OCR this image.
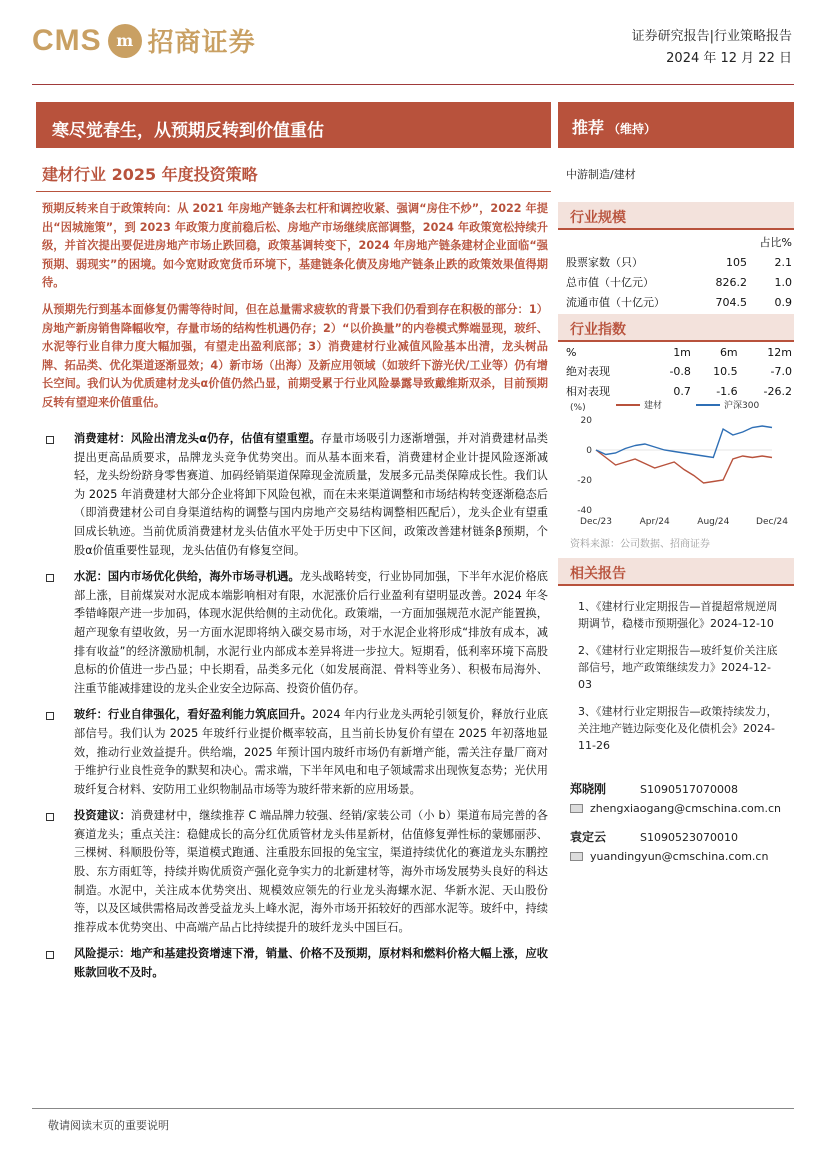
CMS m 招商证券	证券研究报告|行业策略报告
2024 年 12 月 22 日
寒尽觉春生，从预期反转到价值重估	推荐 （维持）
建材行业 2025 年度投资策略

预期反转来自于政策转向：从 2021 年房地产链条去杠杆和调控收紧、强调“房住不炒”，2022 年提出“因城施策”，到 2023 年政策力度前稳后松、房地产市场继续底部调整，2024 年政策宽松持续升级，并首次提出要促进房地产市场止跌回稳，政策基调转变下，2024 年房地产链条建材企业面临“强预期、弱现实”的困境。如今宽财政宽货币环境下，基建链条化债及房地产链条止跌的政策效果值得期待。

从预期先行到基本面修复仍需等待时间，但在总量需求疲软的背景下我们仍看到存在积极的部分：1）房地产新房销售降幅收窄，存量市场的结构性机遇仍存；2）“以价换量”的内卷模式弊端显现，玻纤、水泥等行业自律力度大幅加强，有望走出盈利底部；3）消费建材行业减值风险基本出清，龙头树品牌、拓品类、优化渠道逐渐显效；4）新市场（出海）及新应用领域（如玻纤下游光伏/工业等）仍有增长空间。我们认为优质建材龙头α价值仍然凸显，前期受累于行业风险暴露导致戴维斯双杀，目前预期反转有望迎来价值重估。

消费建材：风险出清龙头α仍存，估值有望重塑。存量市场吸引力逐渐增强，并对消费建材品类提出更高品质要求，品牌龙头竞争优势突出。而从基本面来看，消费建材企业计提风险逐渐减轻，龙头纷纷跻身零售赛道、加码经销渠道保障现金流质量，发展多元品类保障成长性。我们认为 2025 年消费建材大部分企业将卸下风险包袱，而在未来渠道调整和市场结构转变逐渐稳态后（即消费建材公司自身渠道结构的调整与国内房地产交易结构调整相匹配后），龙头企业有望重回成长轨迹。当前优质消费建材龙头估值水平处于历史中下区间，政策改善建材链条β预期，个股α价值重要性显现，龙头估值仍有修复空间。
水泥：国内市场优化供给，海外市场寻机遇。龙头战略转变，行业协同加强，下半年水泥价格底部上涨，目前煤炭对水泥成本端影响相对有限，水泥涨价后行业盈利有望明显改善。2024 年冬季错峰限产进一步加码，体现水泥供给侧的主动优化。政策端，一方面加强规范水泥产能置换，超产现象有望收敛，另一方面水泥即将纳入碳交易市场，对于水泥企业将形成“排放有成本，减排有收益”的经济激励机制，水泥行业内部成本差异将进一步拉大。短期看，低利率环境下高股息标的价值进一步凸显；中长期看，品类多元化（如发展商混、骨料等业务）、积极布局海外、注重节能减排建设的龙头企业安全边际高、投资价值仍存。
玻纤：行业自律强化，看好盈利能力筑底回升。2024 年内行业龙头两轮引领复价，释放行业底部信号。我们认为 2025 年玻纤行业提价概率较高，且当前长协复价有望在 2025 年初落地显效，推动行业效益提升。供给端，2025 年预计国内玻纤市场仍有新增产能，需关注存量厂商对于维护行业良性竞争的默契和决心。需求端，下半年风电和电子领域需求出现恢复态势；光伏用玻纤复合材料、安防用工业织物制品市场等为玻纤带来新的应用场景。
投资建议：消费建材中，继续推荐 C 端品牌力较强、经销/家装公司（小 b）渠道布局完善的各赛道龙头；重点关注：稳健成长的高分红优质管材龙头伟星新材，估值修复弹性标的蒙娜丽莎、三棵树、科顺股份等，渠道模式跑通、注重股东回报的兔宝宝，渠道持续优化的赛道龙头东鹏控股、东方雨虹等，持续并购优质资产强化竞争实力的北新建材等，海外市场发展势头良好的科达制造。水泥中，关注成本优势突出、规模效应领先的行业龙头海螺水泥、华新水泥、天山股份等，以及区域供需格局改善受益龙头上峰水泥，海外市场开拓较好的西部水泥等。玻纤中，持续推荐成本优势突出、中高端产品占比持续提升的玻纤龙头中国巨石。
风险提示：地产和基建投资增速下滑，销量、价格不及预期，原材料和燃料价格大幅上涨，应收账款回收不及时。
中游制造/建材
行业规模
		占比%
股票家数（只）	105	2.1
总市值（十亿元）	826.2	1.0
流通市值（十亿元）	704.5	0.9
行业指数
%	1m	6m	12m
绝对表现	-0.8	10.5	-7.0
相对表现	0.7	-1.6	-26.2
(%)	建材	沪深300
20
0
-20
-40
Dec/23	Apr/24	Aug/24	Dec/24
资料来源：公司数据、招商证券
相关报告
1、《建材行业定期报告—首提超常规逆周期调节，稳楼市预期强化》2024-12-10
2、《建材行业定期报告—玻纤复价关注底部信号，地产政策继续发力》2024-12-03
3、《建材行业定期报告—政策持续发力，关注地产链边际变化及化债机会》2024-11-26
郑晓刚	S1090517070008
zhengxiaogang@cmschina.com.cn
袁定云	S1090523070010
yuandingyun@cmschina.com.cn
敬请阅读末页的重要说明
